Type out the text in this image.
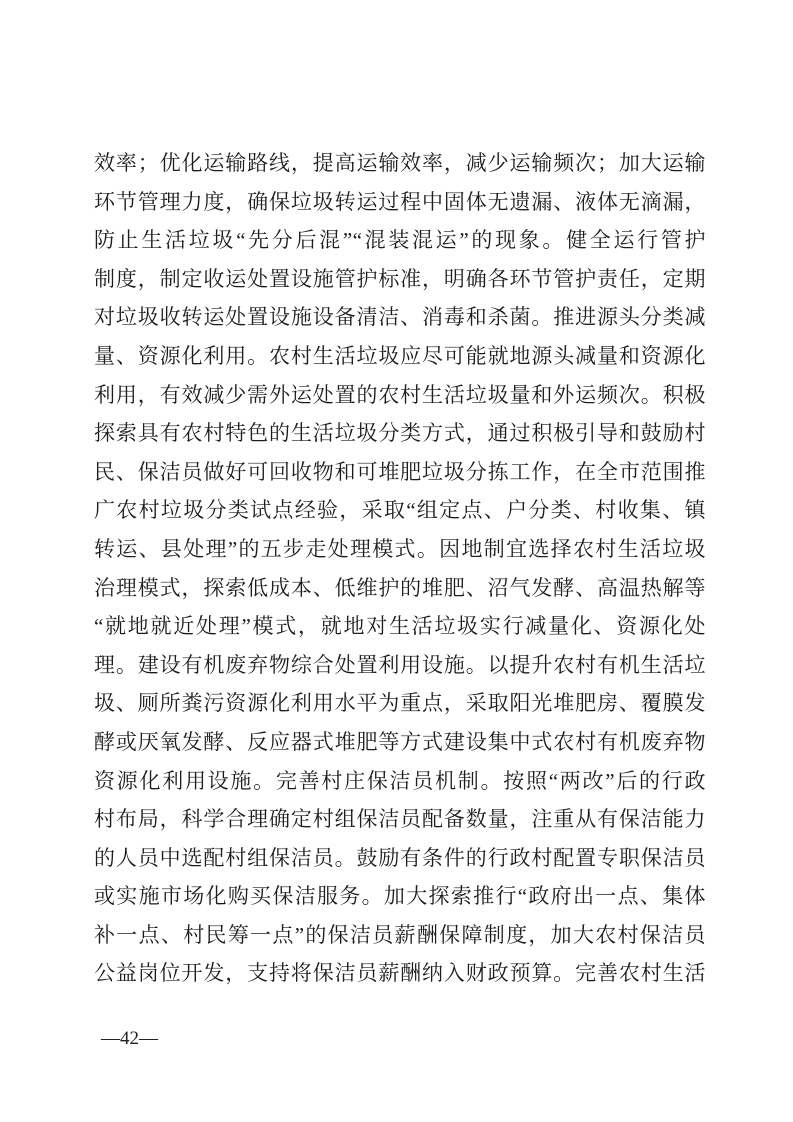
效率；优化运输路线，提高运输效率，减少运输频次；加大运输
环节管理力度，确保垃圾转运过程中固体无遗漏、液体无滴漏，
防止生活垃圾“先分后混”“混装混运”的现象。健全运行管护
制度，制定收运处置设施管护标准，明确各环节管护责任，定期
对垃圾收转运处置设施设备清洁、消毒和杀菌。推进源头分类减
量、资源化利用。农村生活垃圾应尽可能就地源头减量和资源化
利用，有效减少需外运处置的农村生活垃圾量和外运频次。积极
探索具有农村特色的生活垃圾分类方式，通过积极引导和鼓励村
民、保洁员做好可回收物和可堆肥垃圾分拣工作，在全市范围推
广农村垃圾分类试点经验，采取“组定点、户分类、村收集、镇
转运、县处理”的五步走处理模式。因地制宜选择农村生活垃圾
治理模式，探索低成本、低维护的堆肥、沼气发酵、高温热解等
“就地就近处理”模式，就地对生活垃圾实行减量化、资源化处
理。建设有机废弃物综合处置利用设施。以提升农村有机生活垃
圾、厕所粪污资源化利用水平为重点，采取阳光堆肥房、覆膜发
酵或厌氧发酵、反应器式堆肥等方式建设集中式农村有机废弃物
资源化利用设施。完善村庄保洁员机制。按照“两改”后的行政
村布局，科学合理确定村组保洁员配备数量，注重从有保洁能力
的人员中选配村组保洁员。鼓励有条件的行政村配置专职保洁员
或实施市场化购买保洁服务。加大探索推行“政府出一点、集体
补一点、村民筹一点”的保洁员薪酬保障制度，加大农村保洁员
公益岗位开发，支持将保洁员薪酬纳入财政预算。完善农村生活
—42—
